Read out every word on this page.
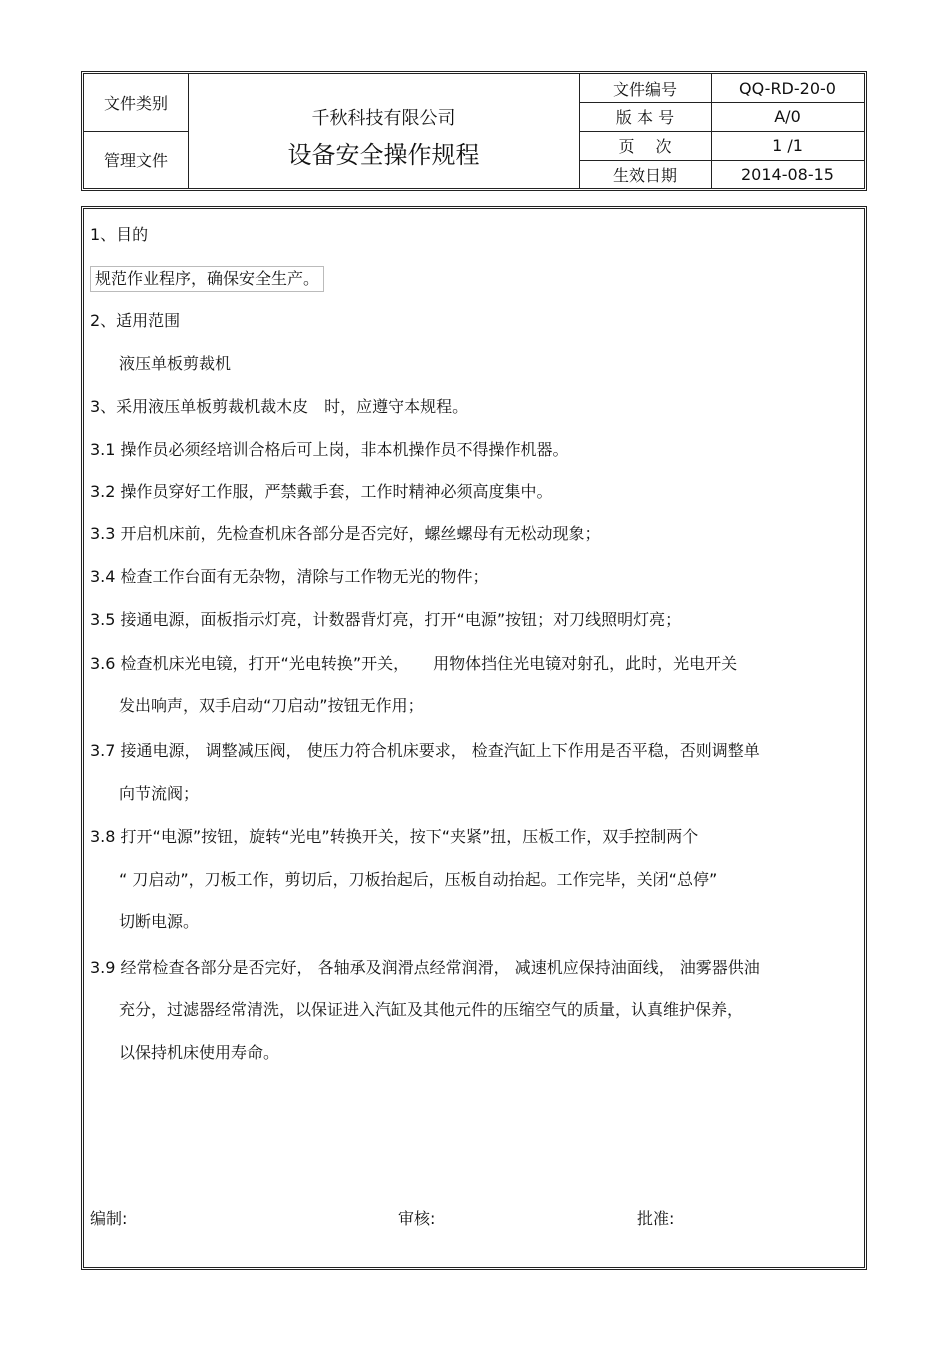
文件类别
管理文件
千秋科技有限公司
设备安全操作规程
文件编号	QQ-RD-20-0
版 本 号	A/0
页　 次	1 /1
生效日期	2014-08-15
1、目的
规范作业程序，确保安全生产。
2、适用范围
液压单板剪裁机
3、采用液压单板剪裁机裁木皮　时，应遵守本规程。
3.1 操作员必须经培训合格后可上岗，非本机操作员不得操作机器。
3.2 操作员穿好工作服，严禁戴手套，工作时精神必须高度集中。
3.3 开启机床前，先检查机床各部分是否完好，螺丝螺母有无松动现象；
3.4 检查工作台面有无杂物，清除与工作物无光的物件；
3.5 接通电源，面板指示灯亮，计数器背灯亮，打开“电源”按钮；对刀线照明灯亮；
3.6 检查机床光电镜，打开“光电转换”开关，　　用物体挡住光电镜对射孔，此时，光电开关
发出响声，双手启动“刀启动”按钮无作用；
3.7 接通电源， 调整减压阀， 使压力符合机床要求， 检查汽缸上下作用是否平稳，否则调整单
向节流阀；
3.8 打开“电源”按钮，旋转“光电”转换开关，按下“夹紧”扭，压板工作，双手控制两个
“ 刀启动”，刀板工作，剪切后，刀板抬起后，压板自动抬起。工作完毕，关闭“总停”
切断电源。
3.9 经常检查各部分是否完好， 各轴承及润滑点经常润滑， 减速机应保持油面线， 油雾器供油
充分，过滤器经常清洗，以保证进入汽缸及其他元件的压缩空气的质量，认真维护保养，
以保持机床使用寿命。
编制:	审核:	批准:
